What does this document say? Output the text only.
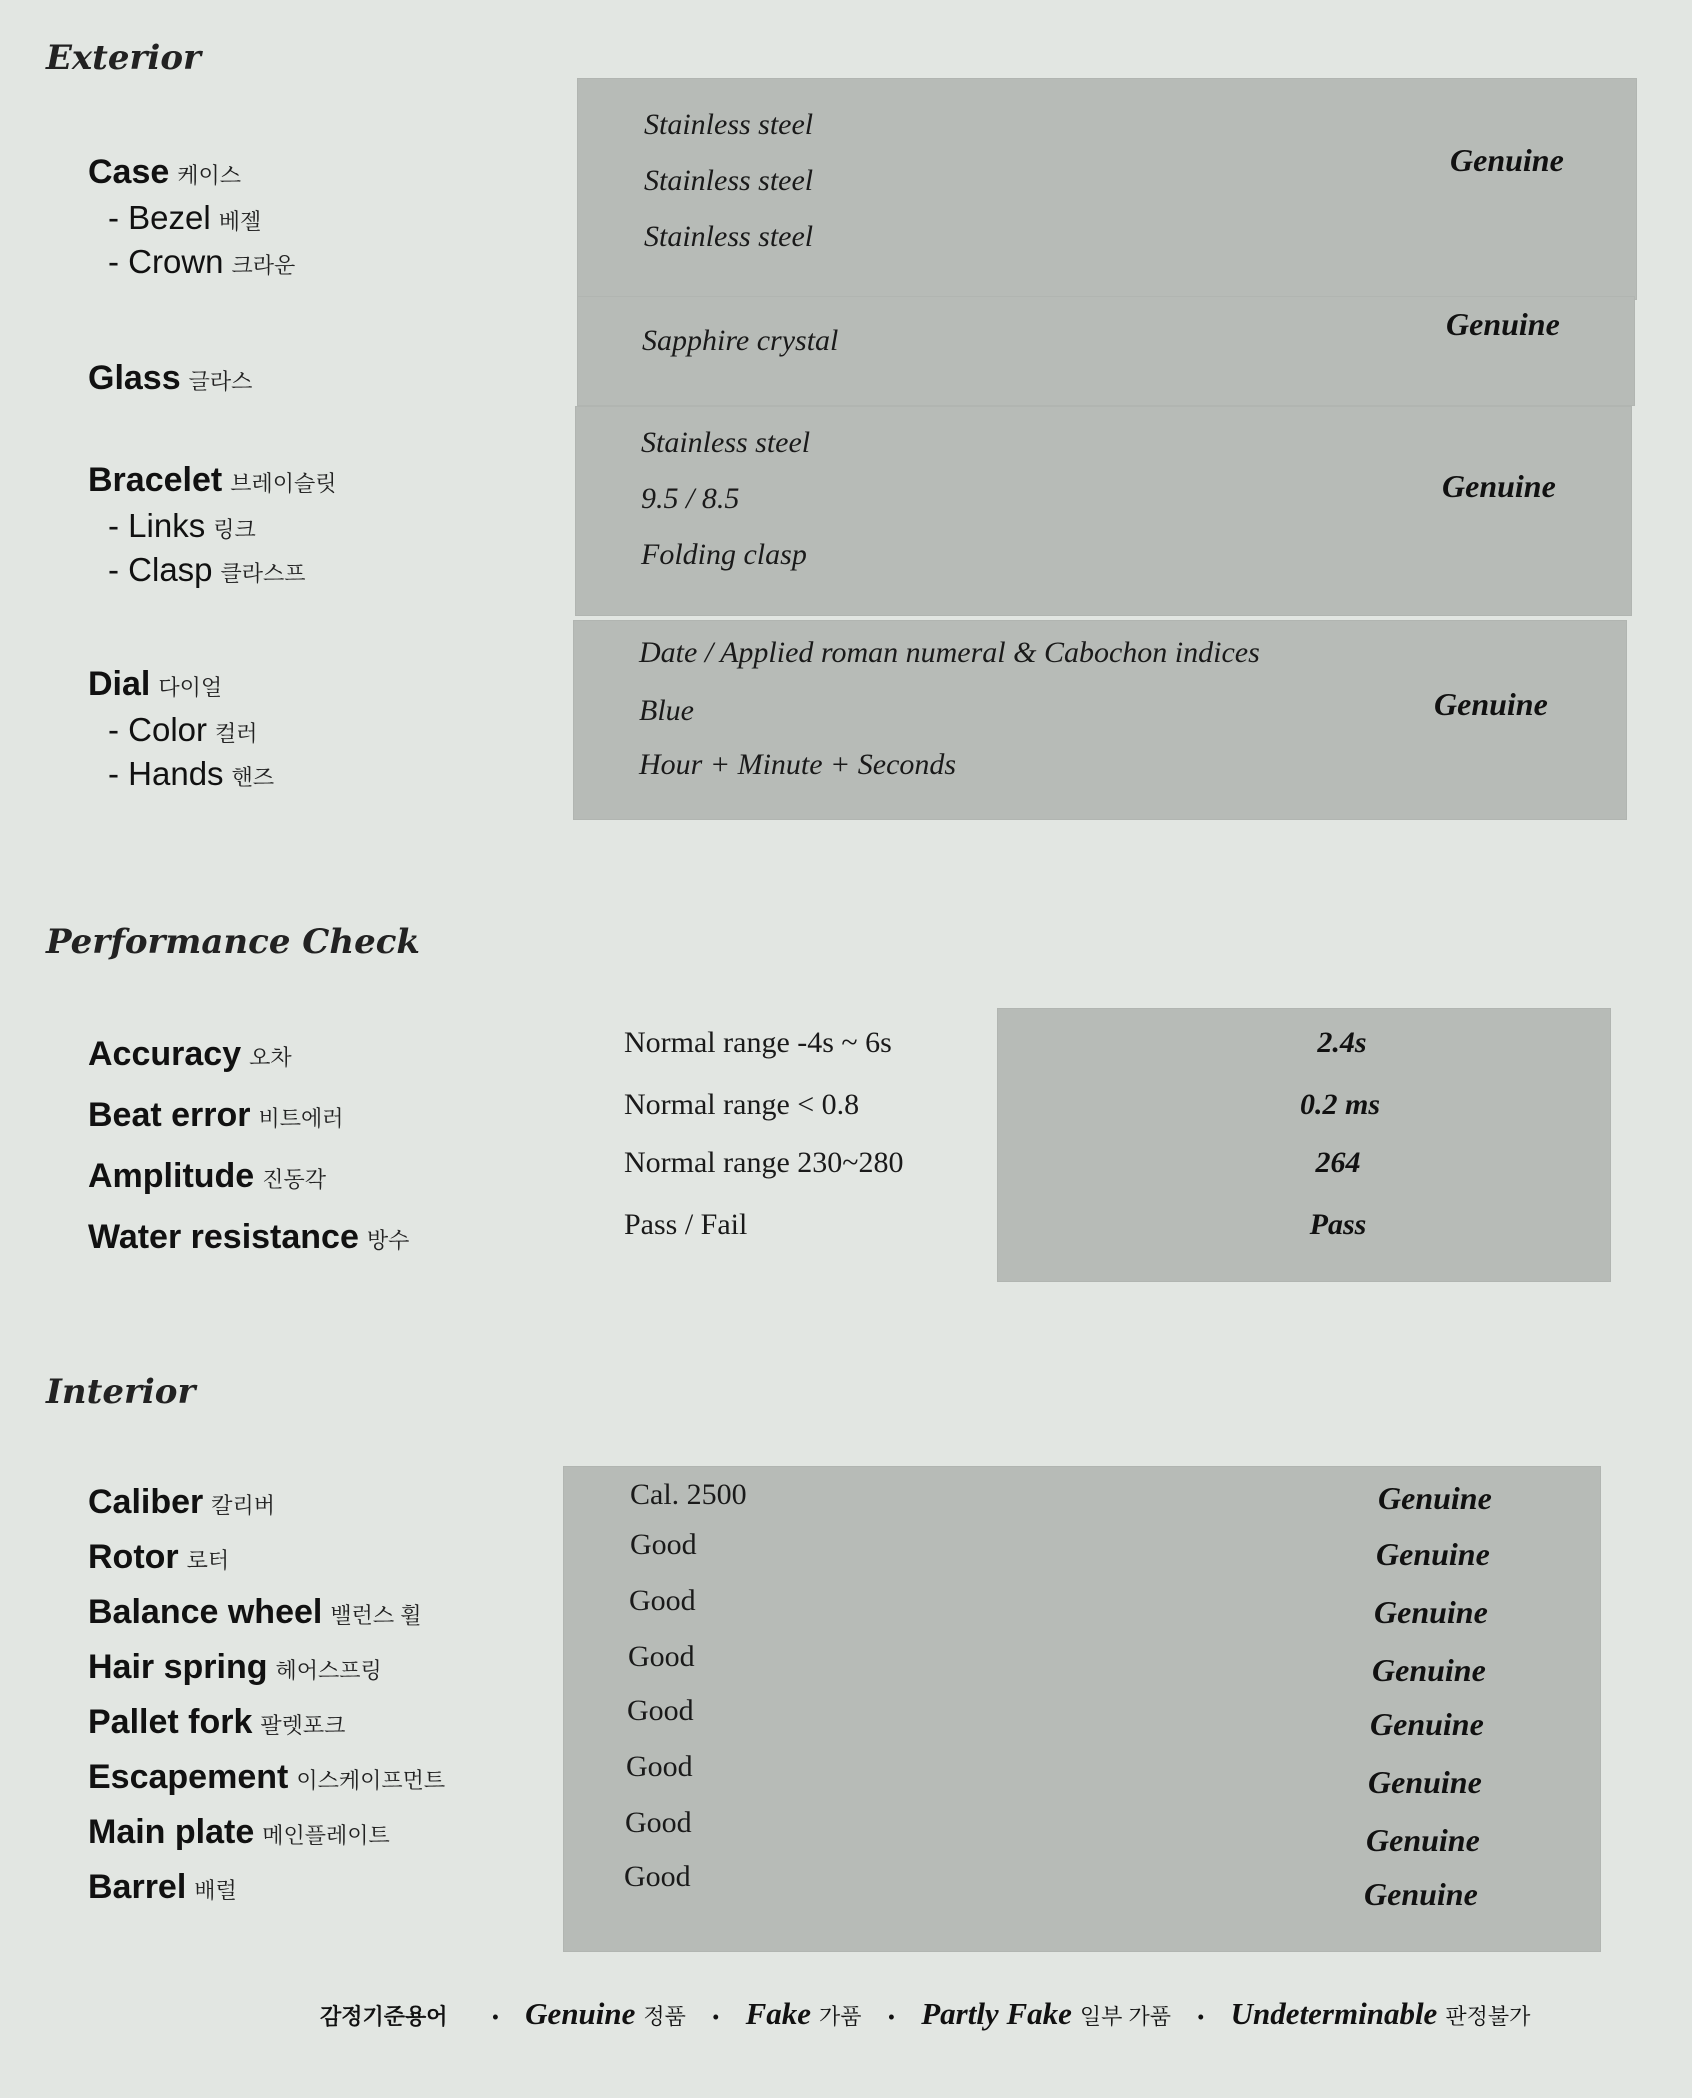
Exterior
Case 케이스
- Bezel 베젤
- Crown 크라운
Stainless steel
Stainless steel
Stainless steel
Genuine
Glass 글라스
Sapphire crystal	Genuine
Bracelet 브레이슬릿
- Links 링크
- Clasp 클라스프
Stainless steel
9.5 / 8.5
Folding clasp
Genuine
Dial 다이얼
- Color 컬러
- Hands 핸즈
Date / Applied roman numeral & Cabochon indices
Blue
Hour + Minute + Seconds
Genuine
Performance Check
Accuracy 오차
Beat error 비트에러
Amplitude 진동각
Water resistance 방수
Normal range -4s ~ 6s
Normal range < 0.8
Normal range 230~280
Pass / Fail
2.4s
0.2 ms
264
Pass
Interior
Caliber 칼리버
Rotor 로터
Balance wheel 밸런스 휠
Hair spring 헤어스프링
Pallet fork 팔렛포크
Escapement 이스케이프먼트
Main plate 메인플레이트
Barrel 배럴
Cal. 2500
Good
Good
Good
Good
Good
Good
Good
Genuine
Genuine
Genuine
Genuine
Genuine
Genuine
Genuine
Genuine
감정기준용어 • Genuine 정품 • Fake 가품 • Partly Fake 일부 가품 • Undeterminable 판정불가
